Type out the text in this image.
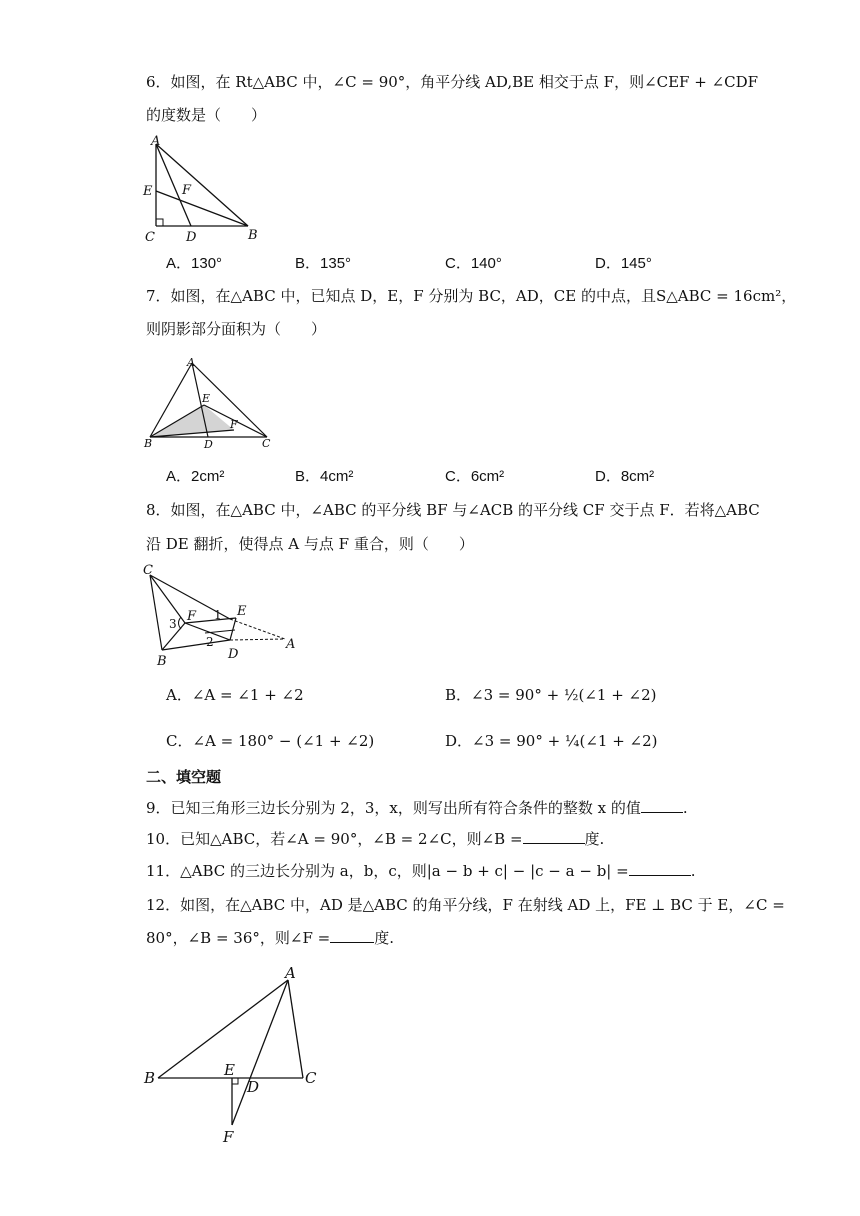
6．如图，在 Rt△ABC 中，∠C = 90°，角平分线 AD,BE 相交于点 F，则∠CEF + ∠CDF
的度数是（　　）
A
E F
C D	B
A．130°	B．135°	C．140°	D．145°
7．如图，在△ABC 中，已知点 D，E，F 分别为 BC，AD，CE 的中点，且S△ABC = 16cm²，
则阴影部分面积为（　　）
A
E
F
B	D	C
A．2cm²	B．4cm²	C．6cm²	D．8cm²
8．如图，在△ABC 中，∠ABC 的平分线 BF 与∠ACB 的平分线 CF 交于点 F．若将△ABC
沿 DE 翻折，使得点 A 与点 F 重合，则（　　）
C
F	E
1
3
2	A
B	D
A．∠A = ∠1 + ∠2	B．∠3 = 90° + ½(∠1 + ∠2)
C．∠A = 180° − (∠1 + ∠2)	D．∠3 = 90° + ¼(∠1 + ∠2)
二、填空题
9．已知三角形三边长分别为 2，3，x，则写出所有符合条件的整数 x 的值	.
10．已知△ABC，若∠A = 90°，∠B = 2∠C，则∠B =	度.
11．△ABC 的三边长分别为 a，b，c，则|a − b + c| − |c − a − b| =	.
12．如图，在△ABC 中，AD 是△ABC 的角平分线，F 在射线 AD 上，FE ⊥ BC 于 E，∠C =
80°，∠B = 36°，则∠F =	度.
A
B	E
D	C
F
